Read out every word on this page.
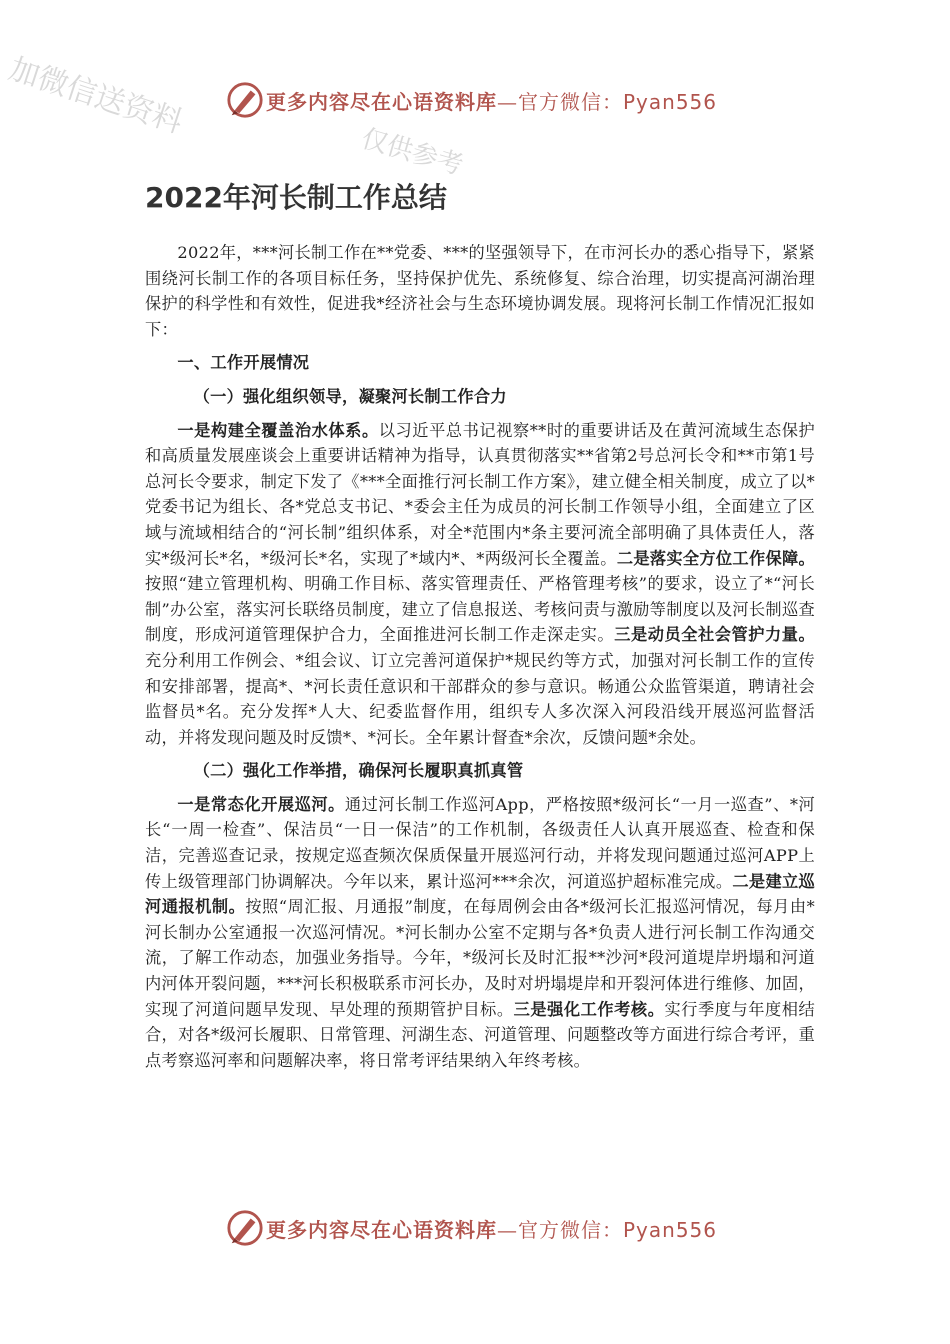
加微信送资料
仅供参考
更多内容尽在心语资料库—官方微信：Pyan556
2022年河长制工作总结

2022年，***河长制工作在**党委、***的坚强领导下，在市河长办的悉心指导下，紧紧围绕河长制工作的各项目标任务，坚持保护优先、系统修复、综合治理，切实提高河湖治理保护的科学性和有效性，促进我*经济社会与生态环境协调发展。现将河长制工作情况汇报如下：

一、工作开展情况

（一）强化组织领导，凝聚河长制工作合力

一是构建全覆盖治水体系。以习近平总书记视察**时的重要讲话及在黄河流域生态保护和高质量发展座谈会上重要讲话精神为指导，认真贯彻落实**省第2号总河长令和**市第1号总河长令要求，制定下发了《***全面推行河长制工作方案》，建立健全相关制度，成立了以*党委书记为组长、各*党总支书记、*委会主任为成员的河长制工作领导小组，全面建立了区域与流域相结合的“河长制”组织体系，对全*范围内*条主要河流全部明确了具体责任人，落实*级河长*名，*级河长*名，实现了*域内*、*两级河长全覆盖。二是落实全方位工作保障。按照“建立管理机构、明确工作目标、落实管理责任、严格管理考核”的要求，设立了*“河长制”办公室，落实河长联络员制度，建立了信息报送、考核问责与激励等制度以及河长制巡查制度，形成河道管理保护合力，全面推进河长制工作走深走实。三是动员全社会管护力量。充分利用工作例会、*组会议、订立完善河道保护*规民约等方式，加强对河长制工作的宣传和安排部署，提高*、*河长责任意识和干部群众的参与意识。畅通公众监管渠道，聘请社会监督员*名。充分发挥*人大、纪委监督作用，组织专人多次深入河段沿线开展巡河监督活动，并将发现问题及时反馈*、*河长。全年累计督查*余次，反馈问题*余处。

（二）强化工作举措，确保河长履职真抓真管

一是常态化开展巡河。通过河长制工作巡河App，严格按照*级河长“一月一巡查”、*河长“一周一检查”、保洁员“一日一保洁”的工作机制，各级责任人认真开展巡查、检查和保洁，完善巡查记录，按规定巡查频次保质保量开展巡河行动，并将发现问题通过巡河APP上传上级管理部门协调解决。今年以来，累计巡河***余次，河道巡护超标准完成。二是建立巡河通报机制。按照“周汇报、月通报”制度，在每周例会由各*级河长汇报巡河情况，每月由*河长制办公室通报一次巡河情况。*河长制办公室不定期与各*负责人进行河长制工作沟通交流，了解工作动态，加强业务指导。今年，*级河长及时汇报**沙河*段河道堤岸坍塌和河道内河体开裂问题，***河长积极联系市河长办，及时对坍塌堤岸和开裂河体进行维修、加固，实现了河道问题早发现、早处理的预期管护目标。三是强化工作考核。实行季度与年度相结合，对各*级河长履职、日常管理、河湖生态、河道管理、问题整改等方面进行综合考评，重点考察巡河率和问题解决率，将日常考评结果纳入年终考核。

更多内容尽在心语资料库—官方微信：Pyan556
